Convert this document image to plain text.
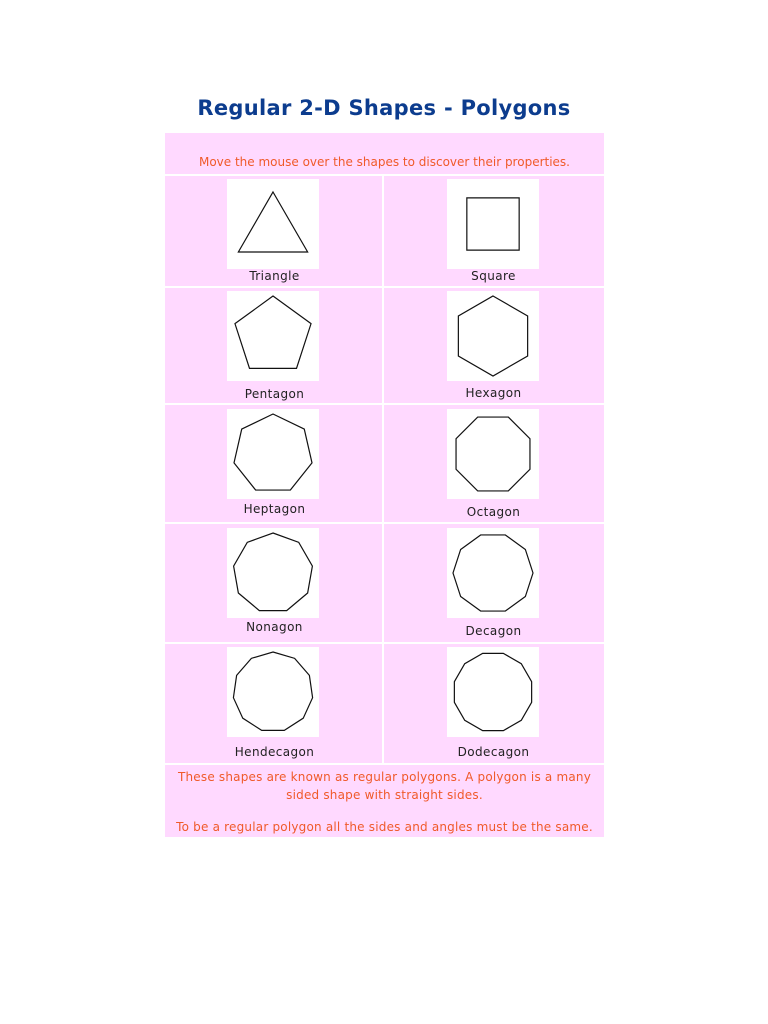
Regular 2-D Shapes - Polygons
Move the mouse over the shapes to discover their properties.
Triangle	Square
Pentagon	Hexagon
Heptagon	Octagon
Nonagon	Decagon
Hendecagon	Dodecagon
These shapes are known as regular polygons. A polygon is a many
sided shape with straight sides.
To be a regular polygon all the sides and angles must be the same.
